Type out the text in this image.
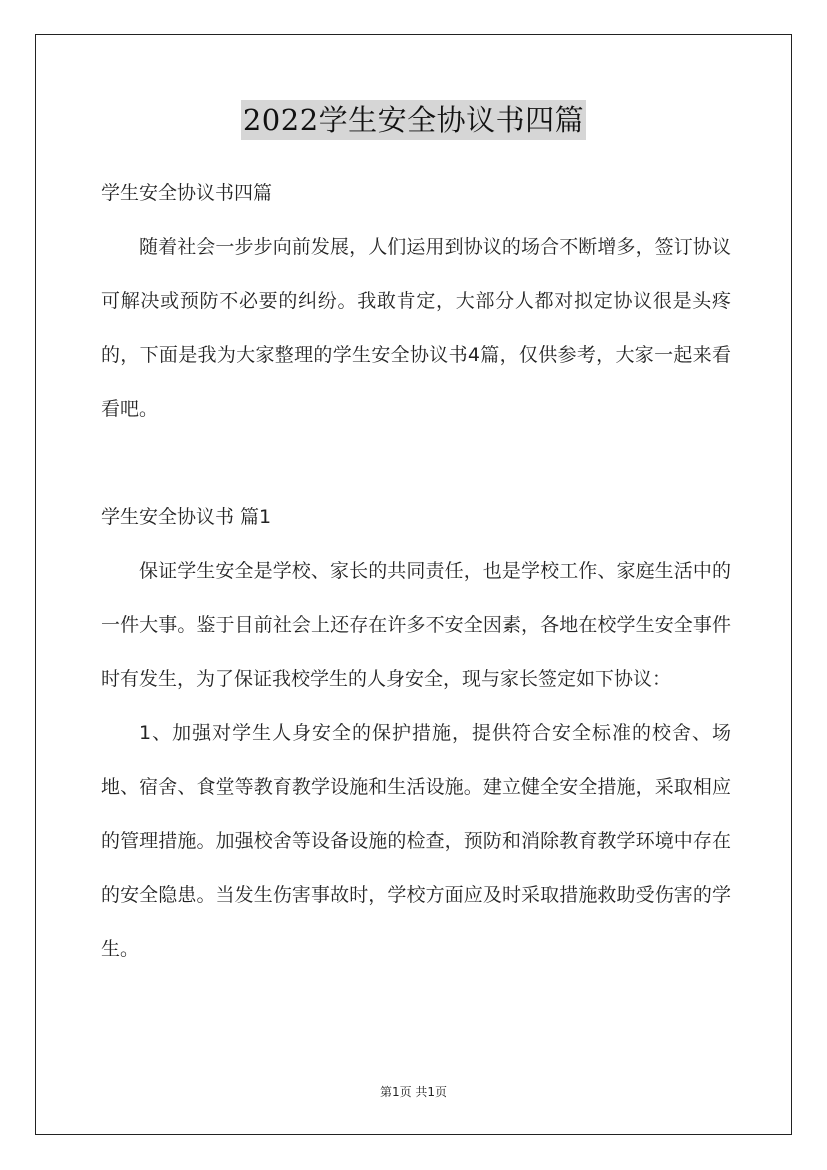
2022学生安全协议书四篇

学生安全协议书四篇

随着社会一步步向前发展，人们运用到协议的场合不断增多，签订协议可解决或预防不必要的纠纷。我敢肯定，大部分人都对拟定协议很是头疼的，下面是我为大家整理的学生安全协议书4篇，仅供参考，大家一起来看看吧。

学生安全协议书 篇1

保证学生安全是学校、家长的共同责任，也是学校工作、家庭生活中的一件大事。鉴于目前社会上还存在许多不安全因素，各地在校学生安全事件时有发生，为了保证我校学生的人身安全，现与家长签定如下协议：

1、加强对学生人身安全的保护措施，提供符合安全标准的校舍、场地、宿舍、食堂等教育教学设施和生活设施。建立健全安全措施，采取相应的管理措施。加强校舍等设备设施的检查，预防和消除教育教学环境中存在的安全隐患。当发生伤害事故时，学校方面应及时采取措施救助受伤害的学生。

第1页 共1页
